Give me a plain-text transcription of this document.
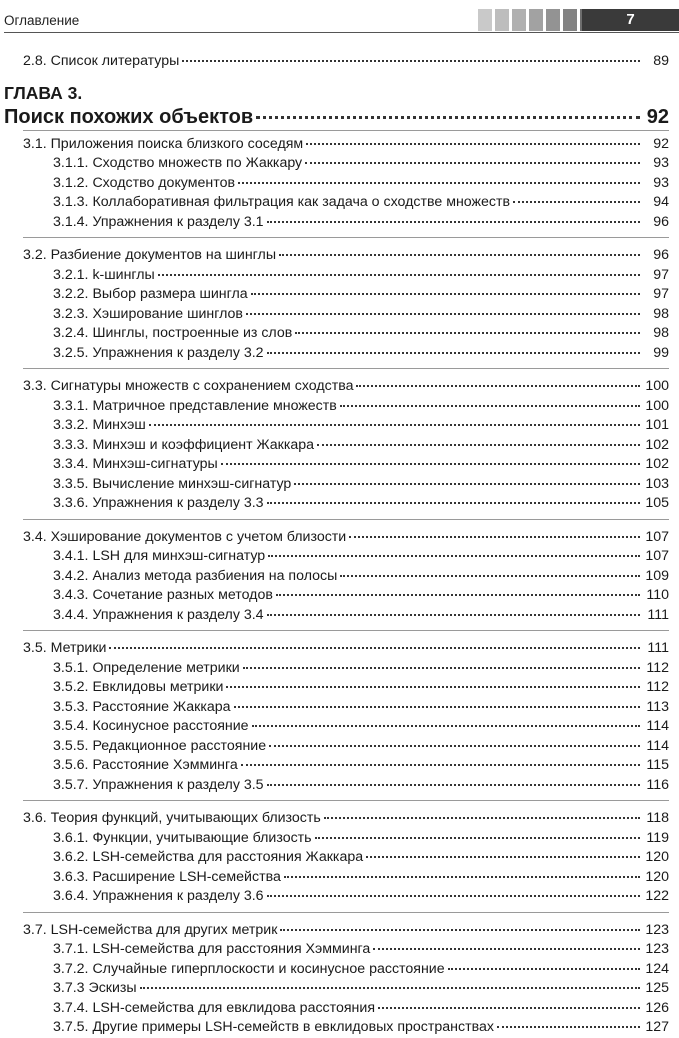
Оглавление	7
2.8. Список литературы	89
ГЛАВА 3.
Поиск похожих объектов	92
3.1. Приложения поиска близкого соседям	92
3.1.1. Сходство множеств по Жаккару	93
3.1.2. Сходство документов	93
3.1.3. Коллаборативная фильтрация как задача о сходстве множеств	94
3.1.4. Упражнения к разделу 3.1	96
3.2. Разбиение документов на шинглы	96
3.2.1. k-шинглы	97
3.2.2. Выбор размера шингла	97
3.2.3. Хэширование шинглов	98
3.2.4. Шинглы, построенные из слов	98
3.2.5. Упражнения к разделу 3.2	99
3.3. Сигнатуры множеств с сохранением сходства	100
3.3.1. Матричное представление множеств	100
3.3.2. Минхэш	101
3.3.3. Минхэш и коэффициент Жаккара	102
3.3.4. Минхэш-сигнатуры	102
3.3.5. Вычисление минхэш-сигнатур	103
3.3.6. Упражнения к разделу 3.3	105
3.4. Хэширование документов с учетом близости	107
3.4.1. LSH для минхэш-сигнатур	107
3.4.2. Анализ метода разбиения на полосы	109
3.4.3. Сочетание разных методов	110
3.4.4. Упражнения к разделу 3.4	111
3.5. Метрики	111
3.5.1. Определение метрики	112
3.5.2. Евклидовы метрики	112
3.5.3. Расстояние Жаккара	113
3.5.4. Косинусное расстояние	114
3.5.5. Редакционное расстояние	114
3.5.6. Расстояние Хэмминга	115
3.5.7. Упражнения к разделу 3.5	116
3.6. Теория функций, учитывающих близость	118
3.6.1. Функции, учитывающие близость	119
3.6.2. LSH-семейства для расстояния Жаккара	120
3.6.3. Расширение LSH-семейства	120
3.6.4. Упражнения к разделу 3.6	122
3.7. LSH-семейства для других метрик	123
3.7.1. LSH-семейства для расстояния Хэмминга	123
3.7.2. Случайные гиперплоскости и косинусное расстояние	124
3.7.3 Эскизы	125
3.7.4. LSH-семейства для евклидова расстояния	126
3.7.5. Другие примеры LSH-семейств в евклидовых пространствах	127
